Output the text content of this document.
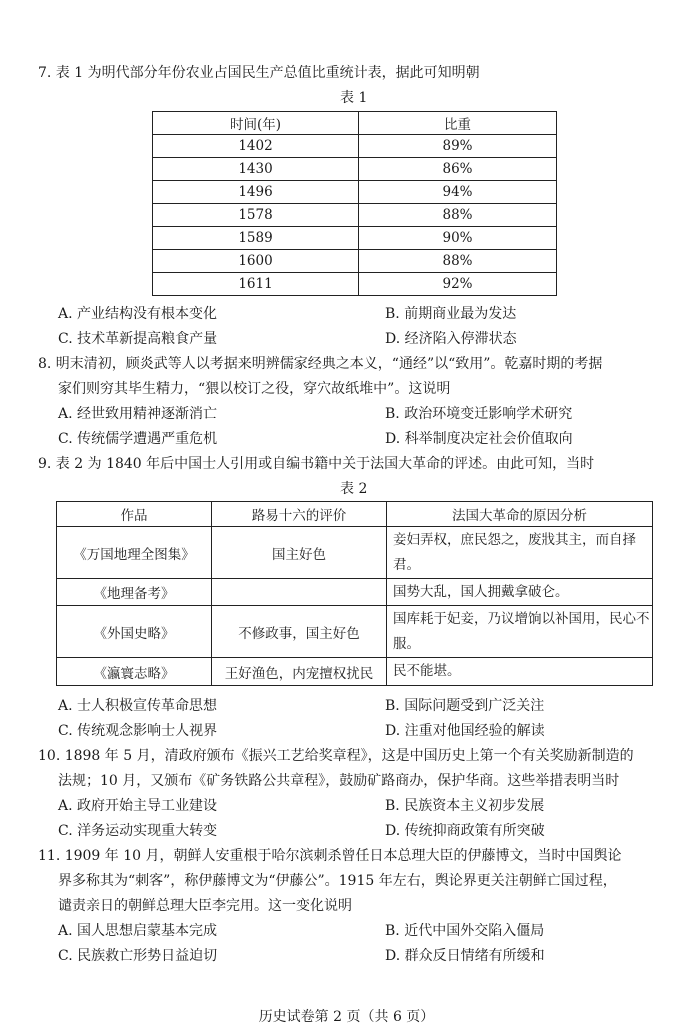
7. 表 1 为明代部分年份农业占国民生产总值比重统计表，据此可知明朝
表 1
时间(年)	比重
1402	89%
1430	86%
1496	94%
1578	88%
1589	90%
1600	88%
1611	92%
A. 产业结构没有根本变化	B. 前期商业最为发达
C. 技术革新提高粮食产量	D. 经济陷入停滞状态
8. 明末清初，顾炎武等人以考据来明辨儒家经典之本义，“通经”以“致用”。乾嘉时期的考据
家们则穷其毕生精力，“猥以校订之役，穿穴故纸堆中”。这说明
A. 经世致用精神逐渐消亡	B. 政治环境变迁影响学术研究
C. 传统儒学遭遇严重危机	D. 科举制度决定社会价值取向
9. 表 2 为 1840 年后中国士人引用或自编书籍中关于法国大革命的评述。由此可知，当时
表 2
作品	路易十六的评价	法国大革命的原因分析
《万国地理全图集》	国主好色	妾妇弄权，庶民怨之，废戕其主，而自择君。
《地理备考》		国势大乱，国人拥戴拿破仑。
《外国史略》	不修政事，国主好色	国库耗于妃妾，乃议增饷以补国用，民心不服。
《瀛寰志略》	王好渔色，内宠擅权扰民	民不能堪。
A. 士人积极宣传革命思想	B. 国际问题受到广泛关注
C. 传统观念影响士人视界	D. 注重对他国经验的解读
10. 1898 年 5 月，清政府颁布《振兴工艺给奖章程》，这是中国历史上第一个有关奖励新制造的
法规；10 月，又颁布《矿务铁路公共章程》，鼓励矿路商办，保护华商。这些举措表明当时
A. 政府开始主导工业建设	B. 民族资本主义初步发展
C. 洋务运动实现重大转变	D. 传统抑商政策有所突破
11. 1909 年 10 月，朝鲜人安重根于哈尔滨刺杀曾任日本总理大臣的伊藤博文，当时中国舆论
界多称其为“刺客”，称伊藤博文为“伊藤公”。1915 年左右，舆论界更关注朝鲜亡国过程，
谴责亲日的朝鲜总理大臣李完用。这一变化说明
A. 国人思想启蒙基本完成	B. 近代中国外交陷入僵局
C. 民族救亡形势日益迫切	D. 群众反日情绪有所缓和
历史试卷第 2 页（共 6 页）
